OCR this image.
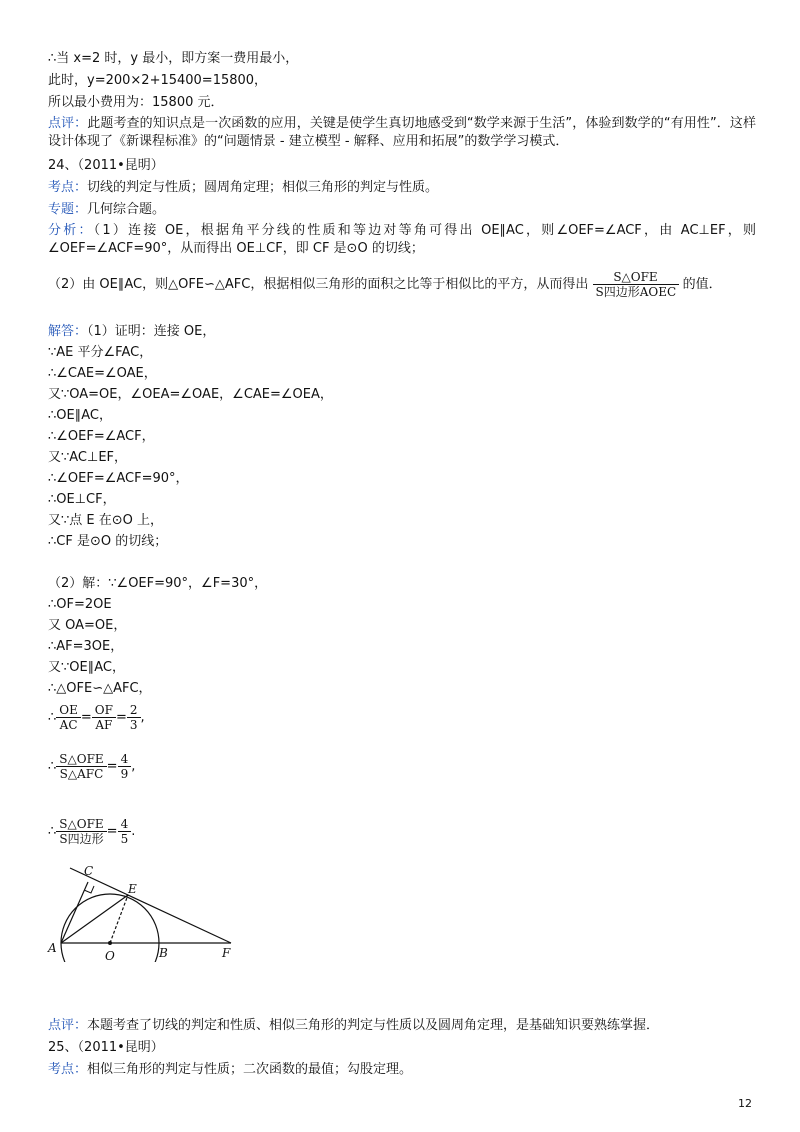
∴当 x=2 时，y 最小，即方案一费用最小，
此时，y=200×2+15400=15800，
所以最小费用为：15800 元．
点评：此题考查的知识点是一次函数的应用，关键是使学生真切地感受到“数学来源于生活”，体验到数学的“有用性”．这样设计体现了《新课程标准》的“问题情景 - 建立模型 - 解释、应用和拓展”的数学学习模式．
24、（2011•昆明）
考点：切线的判定与性质；圆周角定理；相似三角形的判定与性质。
专题：几何综合题。
分析：（1）连接 OE，根据角平分线的性质和等边对等角可得出 OE∥AC，则∠OEF=∠ACF，由 AC⊥EF，则∠OEF=∠ACF=90°，从而得出 OE⊥CF，即 CF 是⊙O 的切线；
（2）由 OE∥AC，则△OFE∽△AFC，根据相似三角形的面积之比等于相似比的平方，从而得出 $\frac{\text{S△OFE}}{\text{S四边形AOEC}}$ 的值．
解答：（1）证明：连接 OE，
∵AE 平分∠FAC，
∴∠CAE=∠OAE，
又∵OA=OE，∠OEA=∠OAE，∠CAE=∠OEA，
∴OE∥AC，
∴∠OEF=∠ACF，
又∵AC⊥EF，
∴∠OEF=∠ACF=90°，
∴OE⊥CF，
又∵点 E 在⊙O 上，
∴CF 是⊙O 的切线；
（2）解：∵∠OEF=90°，∠F=30°，
∴OF=2OE
又 OA=OE，
∴AF=3OE，
又∵OE∥AC，
∴△OFE∽△AFC，
∴ $\frac{OE}{AC} = \frac{OF}{AF} = \frac{2}{3}$ ,
∴ $\frac{\text{S△OFE}}{\text{S△AFC}} = \frac{4}{9}$ ,
∴ $\frac{\text{S△OFE}}{\text{S四边形}} = \frac{4}{5}$ .
C
E
A
O	B	F
点评：本题考查了切线的判定和性质、相似三角形的判定与性质以及圆周角定理，是基础知识要熟练掌握．
25、（2011•昆明）
考点：相似三角形的判定与性质；二次函数的最值；勾股定理。
12
